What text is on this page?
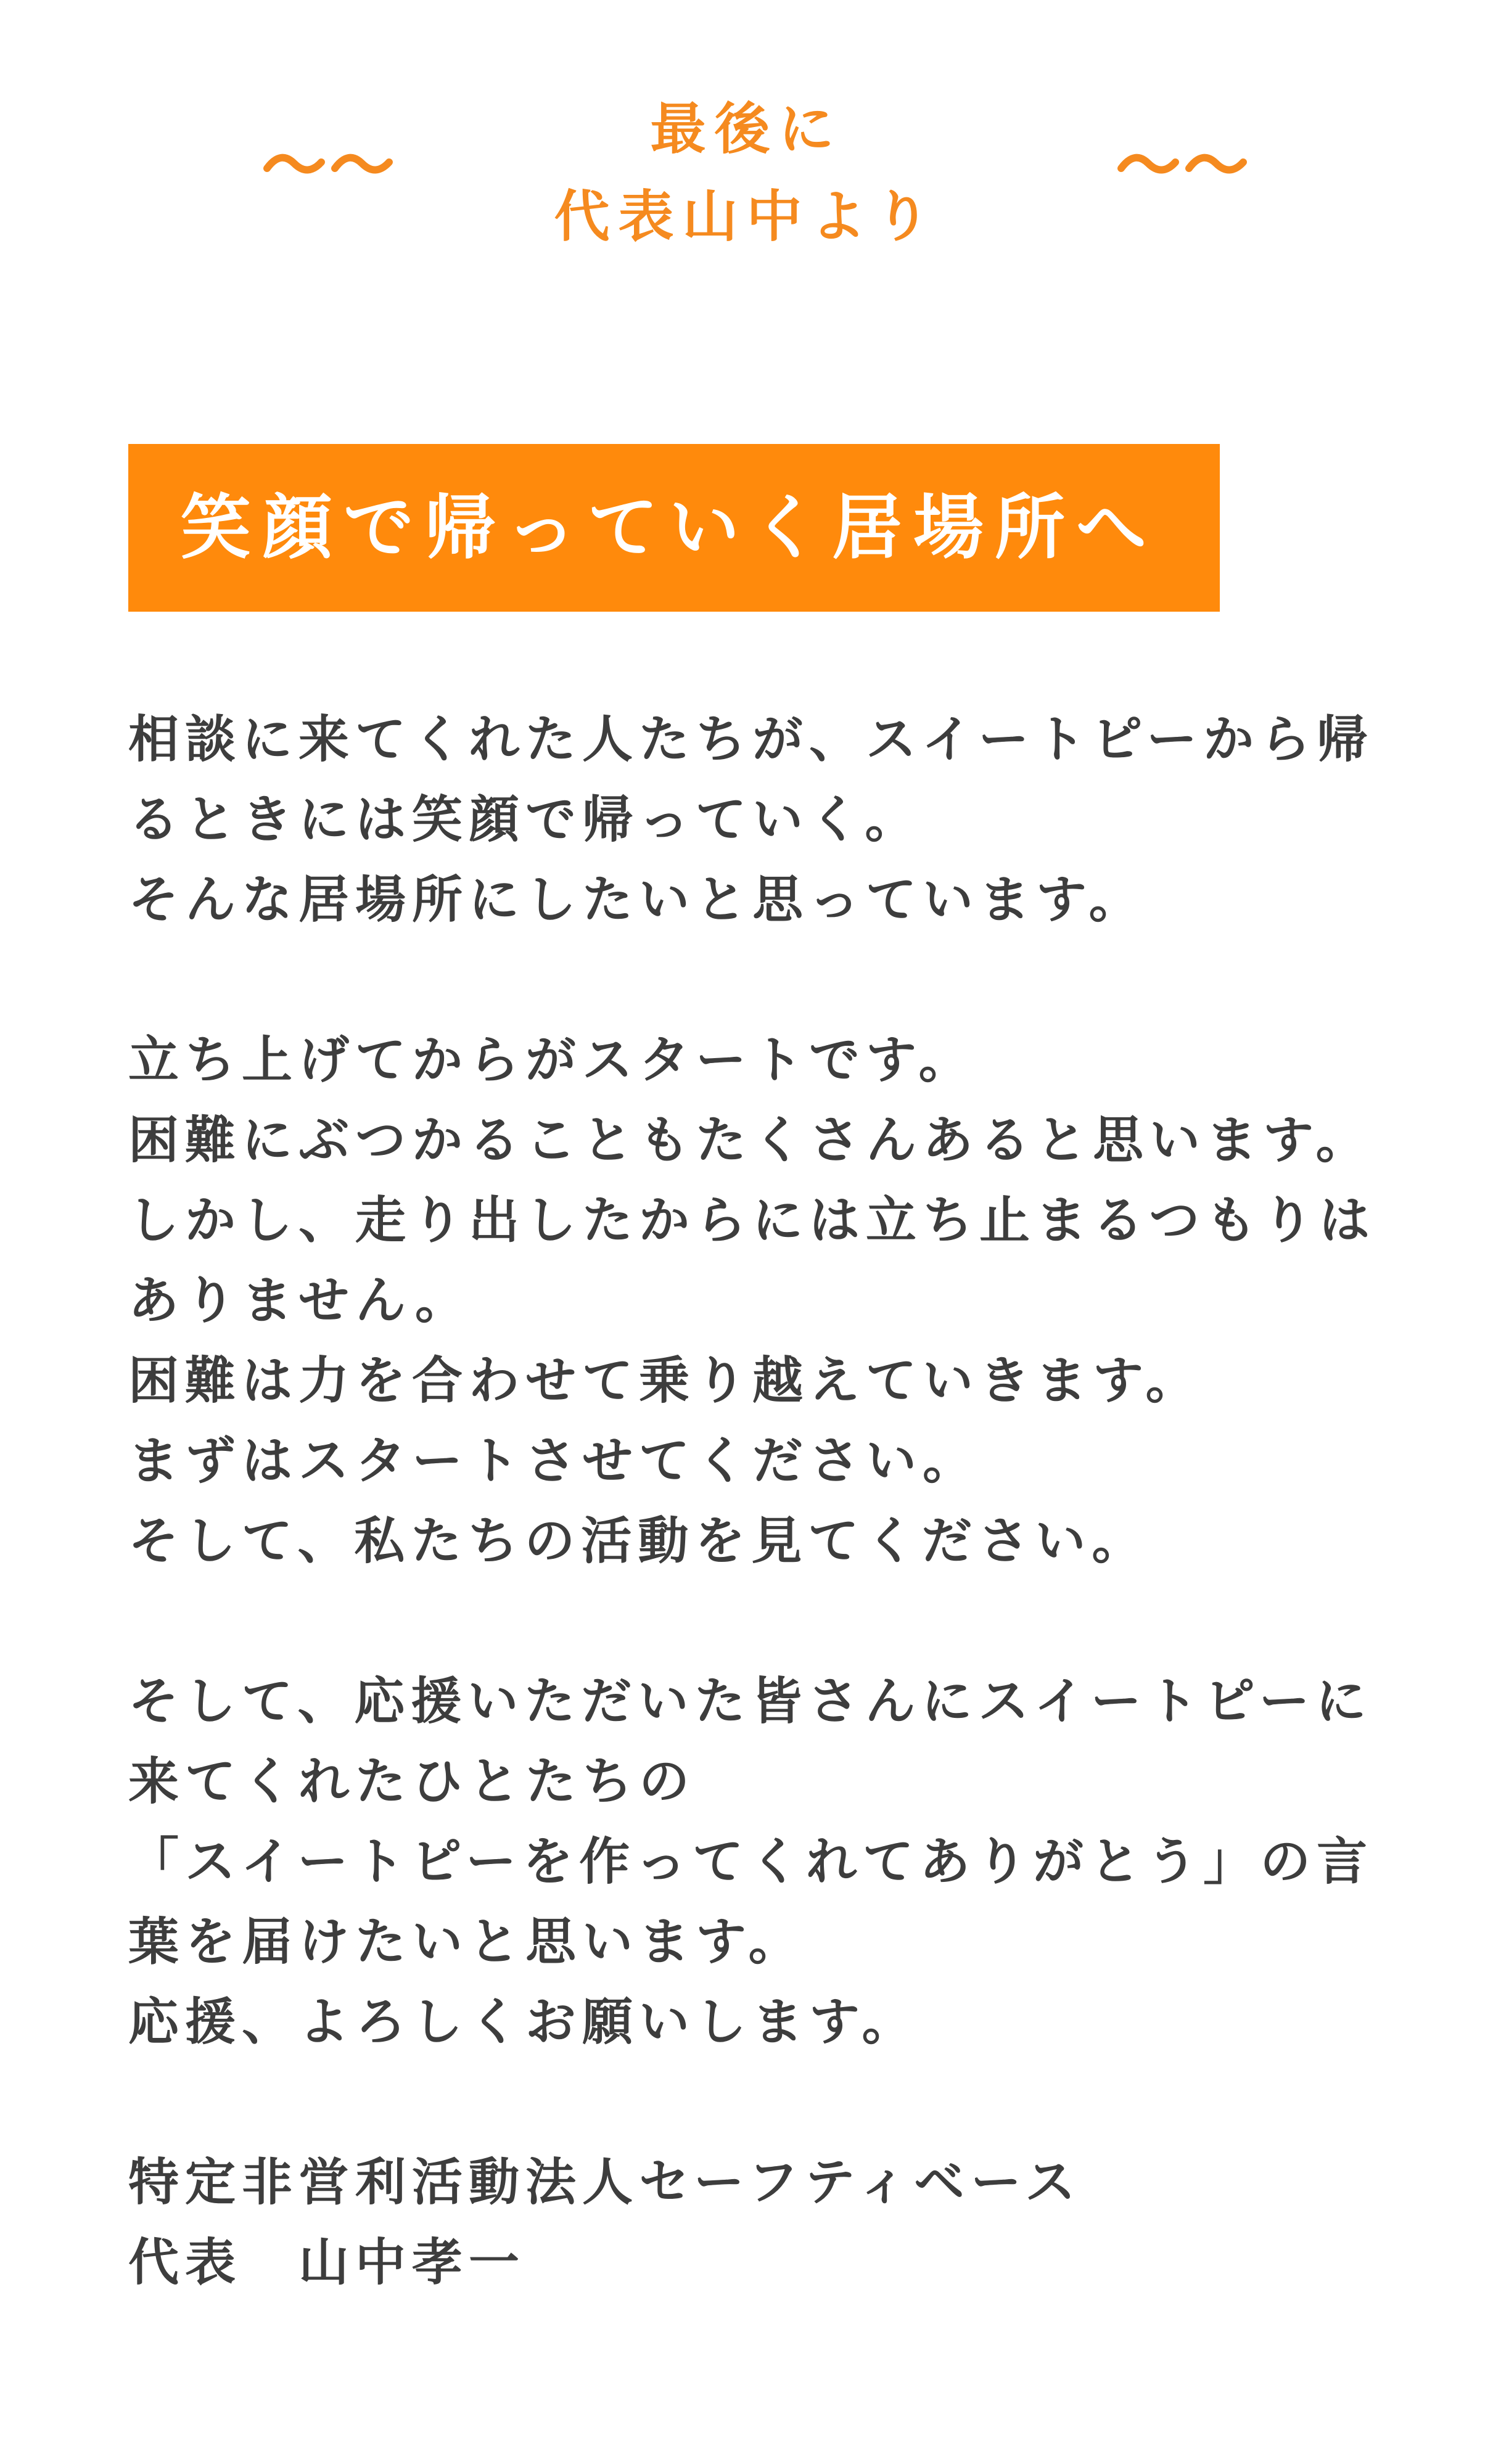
最後に
代表山中より
笑顔で帰っていく居場所へ
相談に来てくれた人たちが、スイートピーから帰
るときには笑顔で帰っていく。
そんな居場所にしたいと思っています。
立ち上げてからがスタートです。
困難にぶつかることもたくさんあると思います。
しかし、走り出したからには立ち止まるつもりは
ありません。
困難は力を合わせて乗り越えていきます。
まずはスタートさせてください。
そして、私たちの活動を見てください。
そして、応援いただいた皆さんにスイートピーに
来てくれたひとたちの
「スイートピーを作ってくれてありがとう」の言
葉を届けたいと思います。
応援、よろしくお願いします。
特定非営利活動法人セーフティベース
代表　山中孝一
